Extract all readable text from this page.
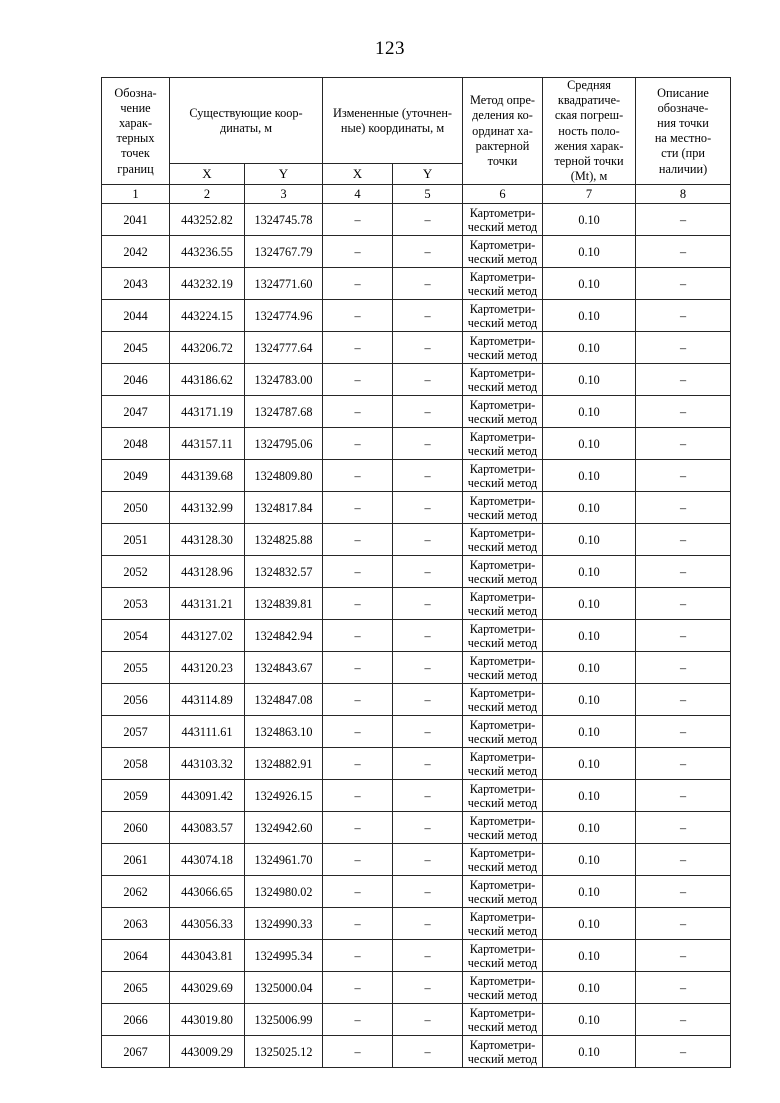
123
Обозна-
чение
харак-
терных
точек
границ	Существующие коор-
динаты, м	Измененные (уточнен-
ные) координаты, м	Метод опре-
деления ко-
ординат ха-
рактерной
точки	Средняя
квадратиче-
ская погреш-
ность поло-
жения харак-
терной точки
(Mt), м	Описание
обозначе-
ния точки
на местно-
сти (при
наличии)
	X	Y	X	Y			
1	2	3	4	5	6	7	8
2041	443252.82	1324745.78	–	–	Картометри-
ческий метод	0.10	–
2042	443236.55	1324767.79	–	–	Картометри-
ческий метод	0.10	–
2043	443232.19	1324771.60	–	–	Картометри-
ческий метод	0.10	–
2044	443224.15	1324774.96	–	–	Картометри-
ческий метод	0.10	–
2045	443206.72	1324777.64	–	–	Картометри-
ческий метод	0.10	–
2046	443186.62	1324783.00	–	–	Картометри-
ческий метод	0.10	–
2047	443171.19	1324787.68	–	–	Картометри-
ческий метод	0.10	–
2048	443157.11	1324795.06	–	–	Картометри-
ческий метод	0.10	–
2049	443139.68	1324809.80	–	–	Картометри-
ческий метод	0.10	–
2050	443132.99	1324817.84	–	–	Картометри-
ческий метод	0.10	–
2051	443128.30	1324825.88	–	–	Картометри-
ческий метод	0.10	–
2052	443128.96	1324832.57	–	–	Картометри-
ческий метод	0.10	–
2053	443131.21	1324839.81	–	–	Картометри-
ческий метод	0.10	–
2054	443127.02	1324842.94	–	–	Картометри-
ческий метод	0.10	–
2055	443120.23	1324843.67	–	–	Картометри-
ческий метод	0.10	–
2056	443114.89	1324847.08	–	–	Картометри-
ческий метод	0.10	–
2057	443111.61	1324863.10	–	–	Картометри-
ческий метод	0.10	–
2058	443103.32	1324882.91	–	–	Картометри-
ческий метод	0.10	–
2059	443091.42	1324926.15	–	–	Картометри-
ческий метод	0.10	–
2060	443083.57	1324942.60	–	–	Картометри-
ческий метод	0.10	–
2061	443074.18	1324961.70	–	–	Картометри-
ческий метод	0.10	–
2062	443066.65	1324980.02	–	–	Картометри-
ческий метод	0.10	–
2063	443056.33	1324990.33	–	–	Картометри-
ческий метод	0.10	–
2064	443043.81	1324995.34	–	–	Картометри-
ческий метод	0.10	–
2065	443029.69	1325000.04	–	–	Картометри-
ческий метод	0.10	–
2066	443019.80	1325006.99	–	–	Картометри-
ческий метод	0.10	–
2067	443009.29	1325025.12	–	–	Картометри-
ческий метод	0.10	–
